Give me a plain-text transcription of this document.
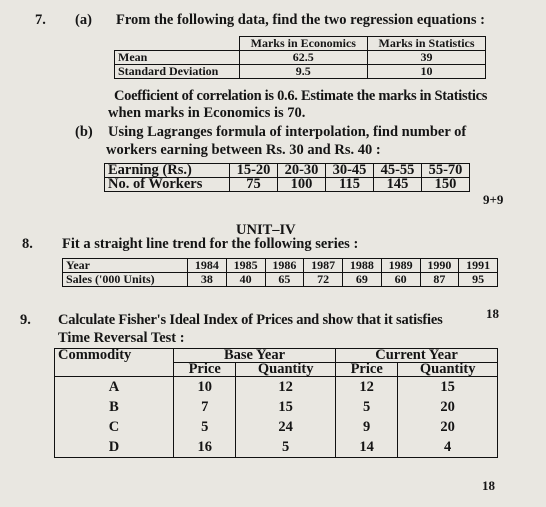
7. (a) From the following data, find the two regression equations :
	Marks in Economics	Marks in Statistics
Mean	62.5	39
Standard Deviation	9.5	10
Coefficient of correlation is 0.6. Estimate the marks in Statistics
when marks in Economics is 70.
(b) Using Lagranges formula of interpolation, find number of
workers earning between Rs. 30 and Rs. 40 :
Earning (Rs.)	15-20	20-30	30-45	45-55	55-70
No. of Workers	75	100	115	145	150
9+9
UNIT–IV
8. Fit a straight line trend for the following series :
Year	1984	1985	1986	1987	1988	1989	1990	1991
Sales ('000 Units)	38	40	65	72	69	60	87	95
18
9. Calculate Fisher's Ideal Index of Prices and show that it satisfies
Time Reversal Test :
Commodity	Base Year		Current Year	
	Price	Quantity	Price	Quantity
A	10	12	12	15
B	7	15	5	20
C	5	24	9	20
D	16	5	14	4
18
